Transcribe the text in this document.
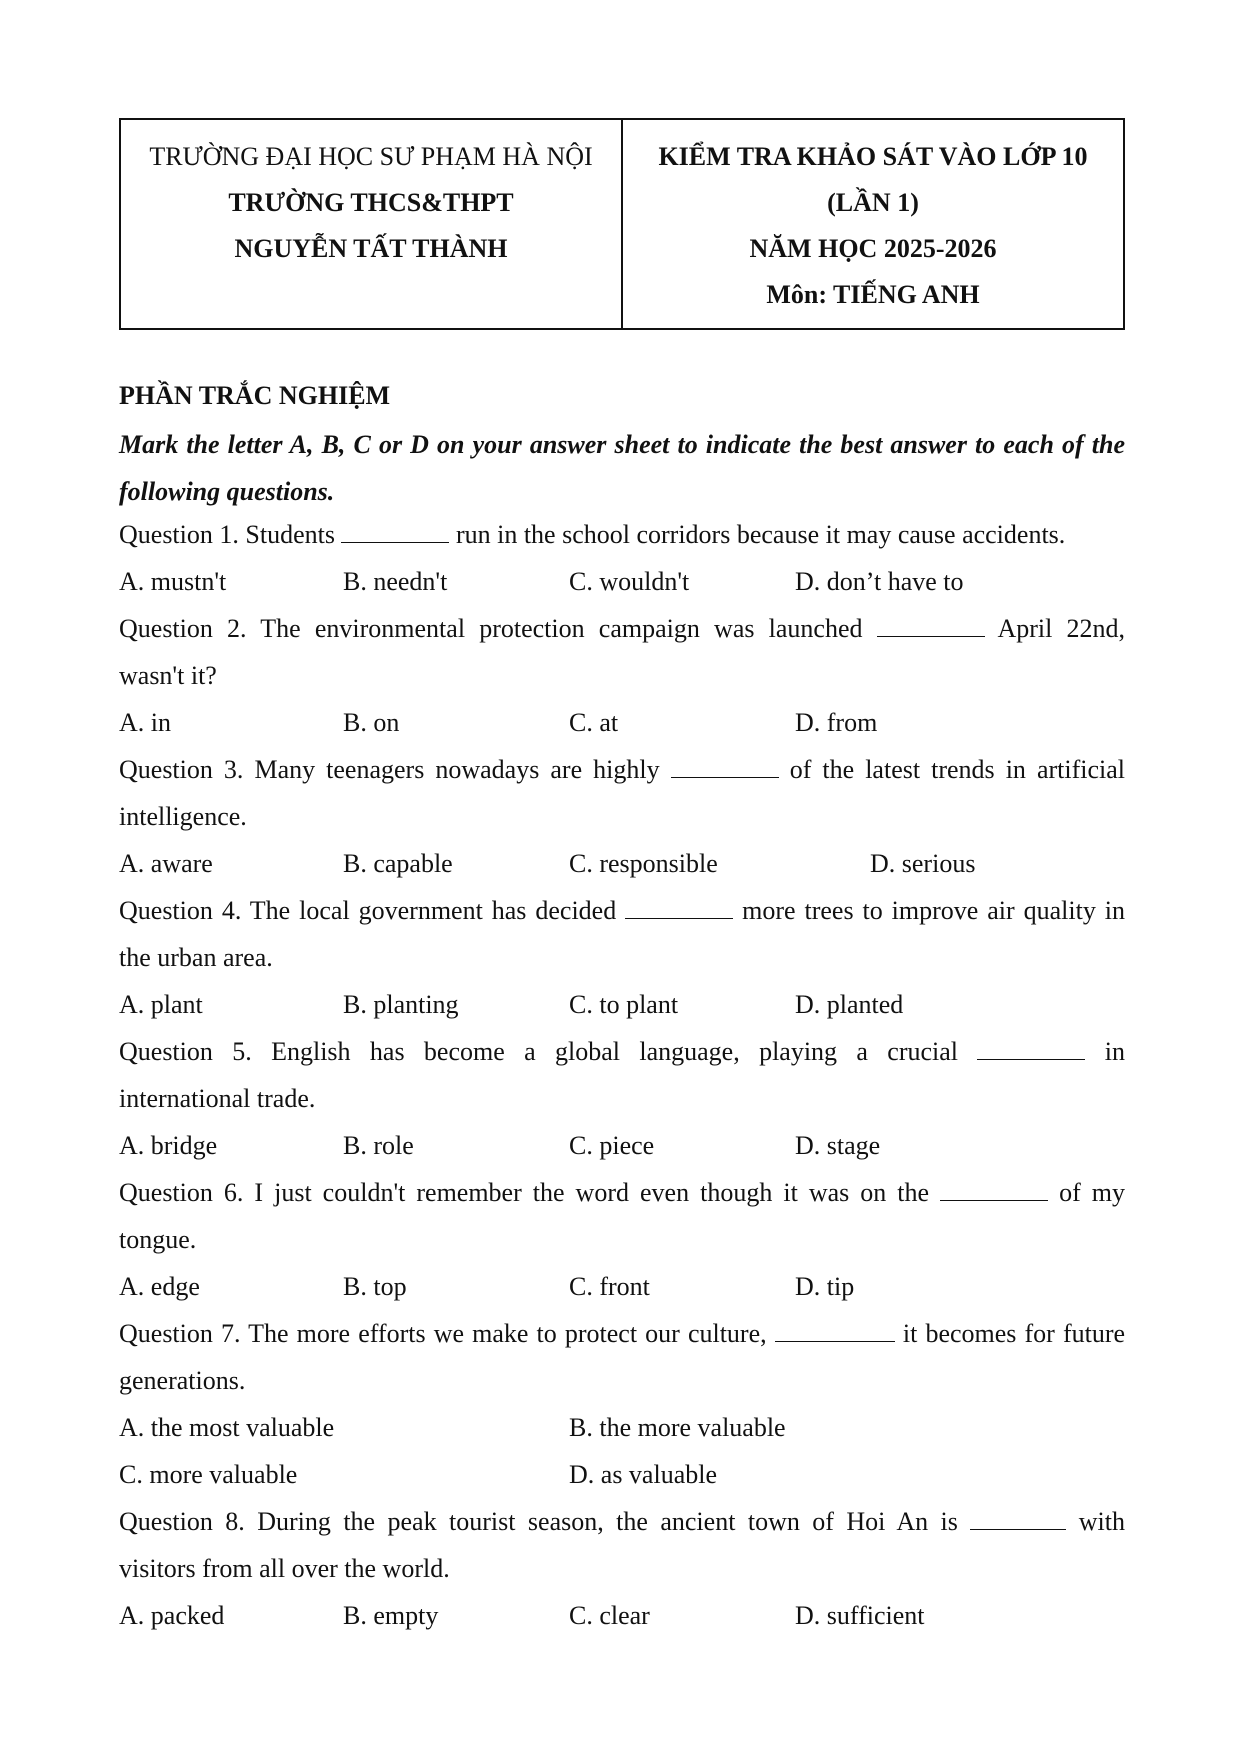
TRƯỜNG ĐẠI HỌC SƯ PHẠM HÀ NỘI
TRƯỜNG THCS&THPT
NGUYỄN TẤT THÀNH

KIỂM TRA KHẢO SÁT VÀO LỚP 10
(LẦN 1)
NĂM HỌC 2025-2026
Môn: TIẾNG ANH
PHẦN TRẮC NGHIỆM
Mark the letter A, B, C or D on your answer sheet to indicate the best answer to each of the following questions.
Question 1. Students	run in the school corridors because it may cause accidents.
A. mustn't	B. needn't	C. wouldn't	D. don’t have to
Question 2. The environmental protection campaign was launched	April 22nd,
wasn't it?
A. in	B. on	C. at	D. from
Question 3. Many teenagers nowadays are highly	of the latest trends in artificial
intelligence.
A. aware	B. capable	C. responsible	D. serious
Question 4. The local government has decided	more trees to improve air quality in
the urban area.
A. plant	B. planting	C. to plant	D. planted
Question 5. English has become a global language, playing a crucial	in
international trade.
A. bridge	B. role	C. piece	D. stage
Question 6. I just couldn't remember the word even though it was on the	of my
tongue.
A. edge	B. top	C. front	D. tip
Question 7. The more efforts we make to protect our culture,	it becomes for future
generations.
A. the most valuable	B. the more valuable
C. more valuable	D. as valuable
Question 8. During the peak tourist season, the ancient town of Hoi An is	with
visitors from all over the world.
A. packed	B. empty	C. clear	D. sufficient
